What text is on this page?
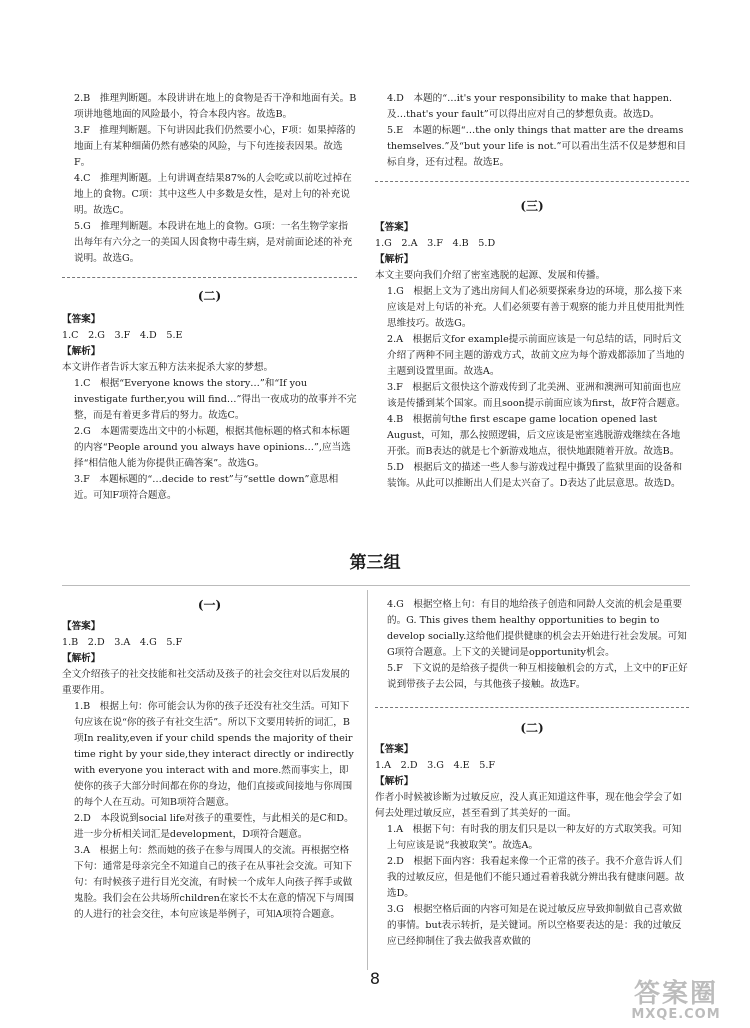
2.B　推理判断题。本段讲讲在地上的食物是否干净和地面有关。B项讲地毯地面的风险最小，符合本段内容。故选B。

3.F　推理判断题。下句讲因此我们仍然要小心，F项：如果掉落的地面上有某种细菌仍然有感染的风险，与下句连接表因果。故选F。

4.C　推理判断题。上句讲调查结果87%的人会吃或以前吃过掉在地上的食物。C项：其中这些人中多数是女性，是对上句的补充说明。故选C。

5.G　推理判断题。本段讲在地上的食物。G项：一名生物学家指出每年有六分之一的美国人因食物中毒生病，是对前面论述的补充说明。故选G。

(二)

【答案】

1.C　2.G　3.F　4.D　5.E

【解析】

本文讲作者告诉大家五种方法来捉杀大家的梦想。

1.C　根据“Everyone knows the story…”和“If you investigate further,you will find…”得出一夜成功的故事并不完整，而是有着更多背后的努力。故选C。

2.G　本题需要选出文中的小标题，根据其他标题的格式和本标题的内容“People around you always have opinions…”,应当选择“相信他人能为你提供正确答案”。故选G。

3.F　本题标题的“…decide to rest”与“settle down”意思相近。可知F项符合题意。

4.D　本题的“…it's your responsibility to make that happen.及…that's your fault”可以得出应对自己的梦想负责。故选D。

5.E　本题的标题“…the only things that matter are the dreams themselves.”及“but your life is not.”可以看出生活不仅是梦想和目标自身，还有过程。故选E。

(三)

【答案】

1.G　2.A　3.F　4.B　5.D

【解析】

本文主要向我们介绍了密室逃脱的起源、发展和传播。

1.G　根据上文为了逃出房间人们必须要探索身边的环境，那么接下来应该是对上句话的补充。人们必须要有善于观察的能力并且使用批判性思维技巧。故选G。

2.A　根据后文for example提示前面应该是一句总结的话，同时后文介绍了两种不同主题的游戏方式，故前文应为每个游戏都添加了当地的主题到设置里面。故选A。

3.F　根据后文很快这个游戏传到了北美洲、亚洲和澳洲可知前面也应该是传播到某个国家。而且soon提示前面应该为first，故F符合题意。

4.B　根据前句the first escape game location opened last August，可知，那么按照逻辑，后文应该是密室逃脱游戏继续在各地开张。而B表达的就是七个新游戏地点，很快地跟随着开放。故选B。

5.D　根据后文的描述一些人参与游戏过程中撕毁了监狱里面的设备和装饰。从此可以推断出人们是太兴奋了。D表达了此层意思。故选D。

第三组

(一)

【答案】

1.B　2.D　3.A　4.G　5.F

【解析】

全文介绍孩子的社交技能和社交活动及孩子的社会交往对以后发展的重要作用。

1.B　根据上句：你可能会认为你的孩子还没有社交生活。可知下句应该在说“你的孩子有社交生活”。所以下文要用转折的词汇，B项In reality,even if your child spends the majority of their time right by your side,they interact directly or indirectly with everyone you interact with and more.然而事实上，即使你的孩子大部分时间都在你的身边，他们直接或间接地与你周围的每个人在互动。可知B项符合题意。

2.D　本段说到social life对孩子的重要性，与此相关的是C和D。进一步分析相关词汇是development，D项符合题意。

3.A　根据上句：然而她的孩子在参与周围人的交流。再根据空格下句：通常是母亲完全不知道自己的孩子在从事社会交流。可知下句：有时候孩子进行目光交流，有时候一个成年人向孩子挥手或做鬼脸。我们会在公共场所children在家长不太在意的情况下与周围的人进行的社会交往，本句应该是举例子，可知A项符合题意。

4.G　根据空格上句：有目的地给孩子创造和同龄人交流的机会是重要的。G. This gives them healthy opportunities to begin to develop socially.这给他们提供健康的机会去开始进行社会发展。可知G项符合题意。上下文的关键词是opportunity机会。

5.F　下文说的是给孩子提供一种互相接触机会的方式，上文中的F正好说到带孩子去公园，与其他孩子接触。故选F。

(二)

【答案】

1.A　2.D　3.G　4.E　5.F

【解析】

作者小时候被诊断为过敏反应，没人真正知道这件事，现在他会学会了如何去处理过敏反应，甚至看到了其美好的一面。

1.A　根据下句：有时我的朋友们只是以一种友好的方式取笑我。可知上句应该是说“我被取笑”。故选A。

2.D　根据下面内容：我看起来像一个正常的孩子。我不介意告诉人们我的过敏反应，但是他们不能只通过看着我就分辨出我有健康问题。故选D。

3.G　根据空格后面的内容可知是在说过敏反应导致抑制做自己喜欢做的事情。but表示转折，是关键词。所以空格要表达的是：我的过敏反应已经抑制住了我去做我喜欢做的

8
答案圈
MXQE.COM
